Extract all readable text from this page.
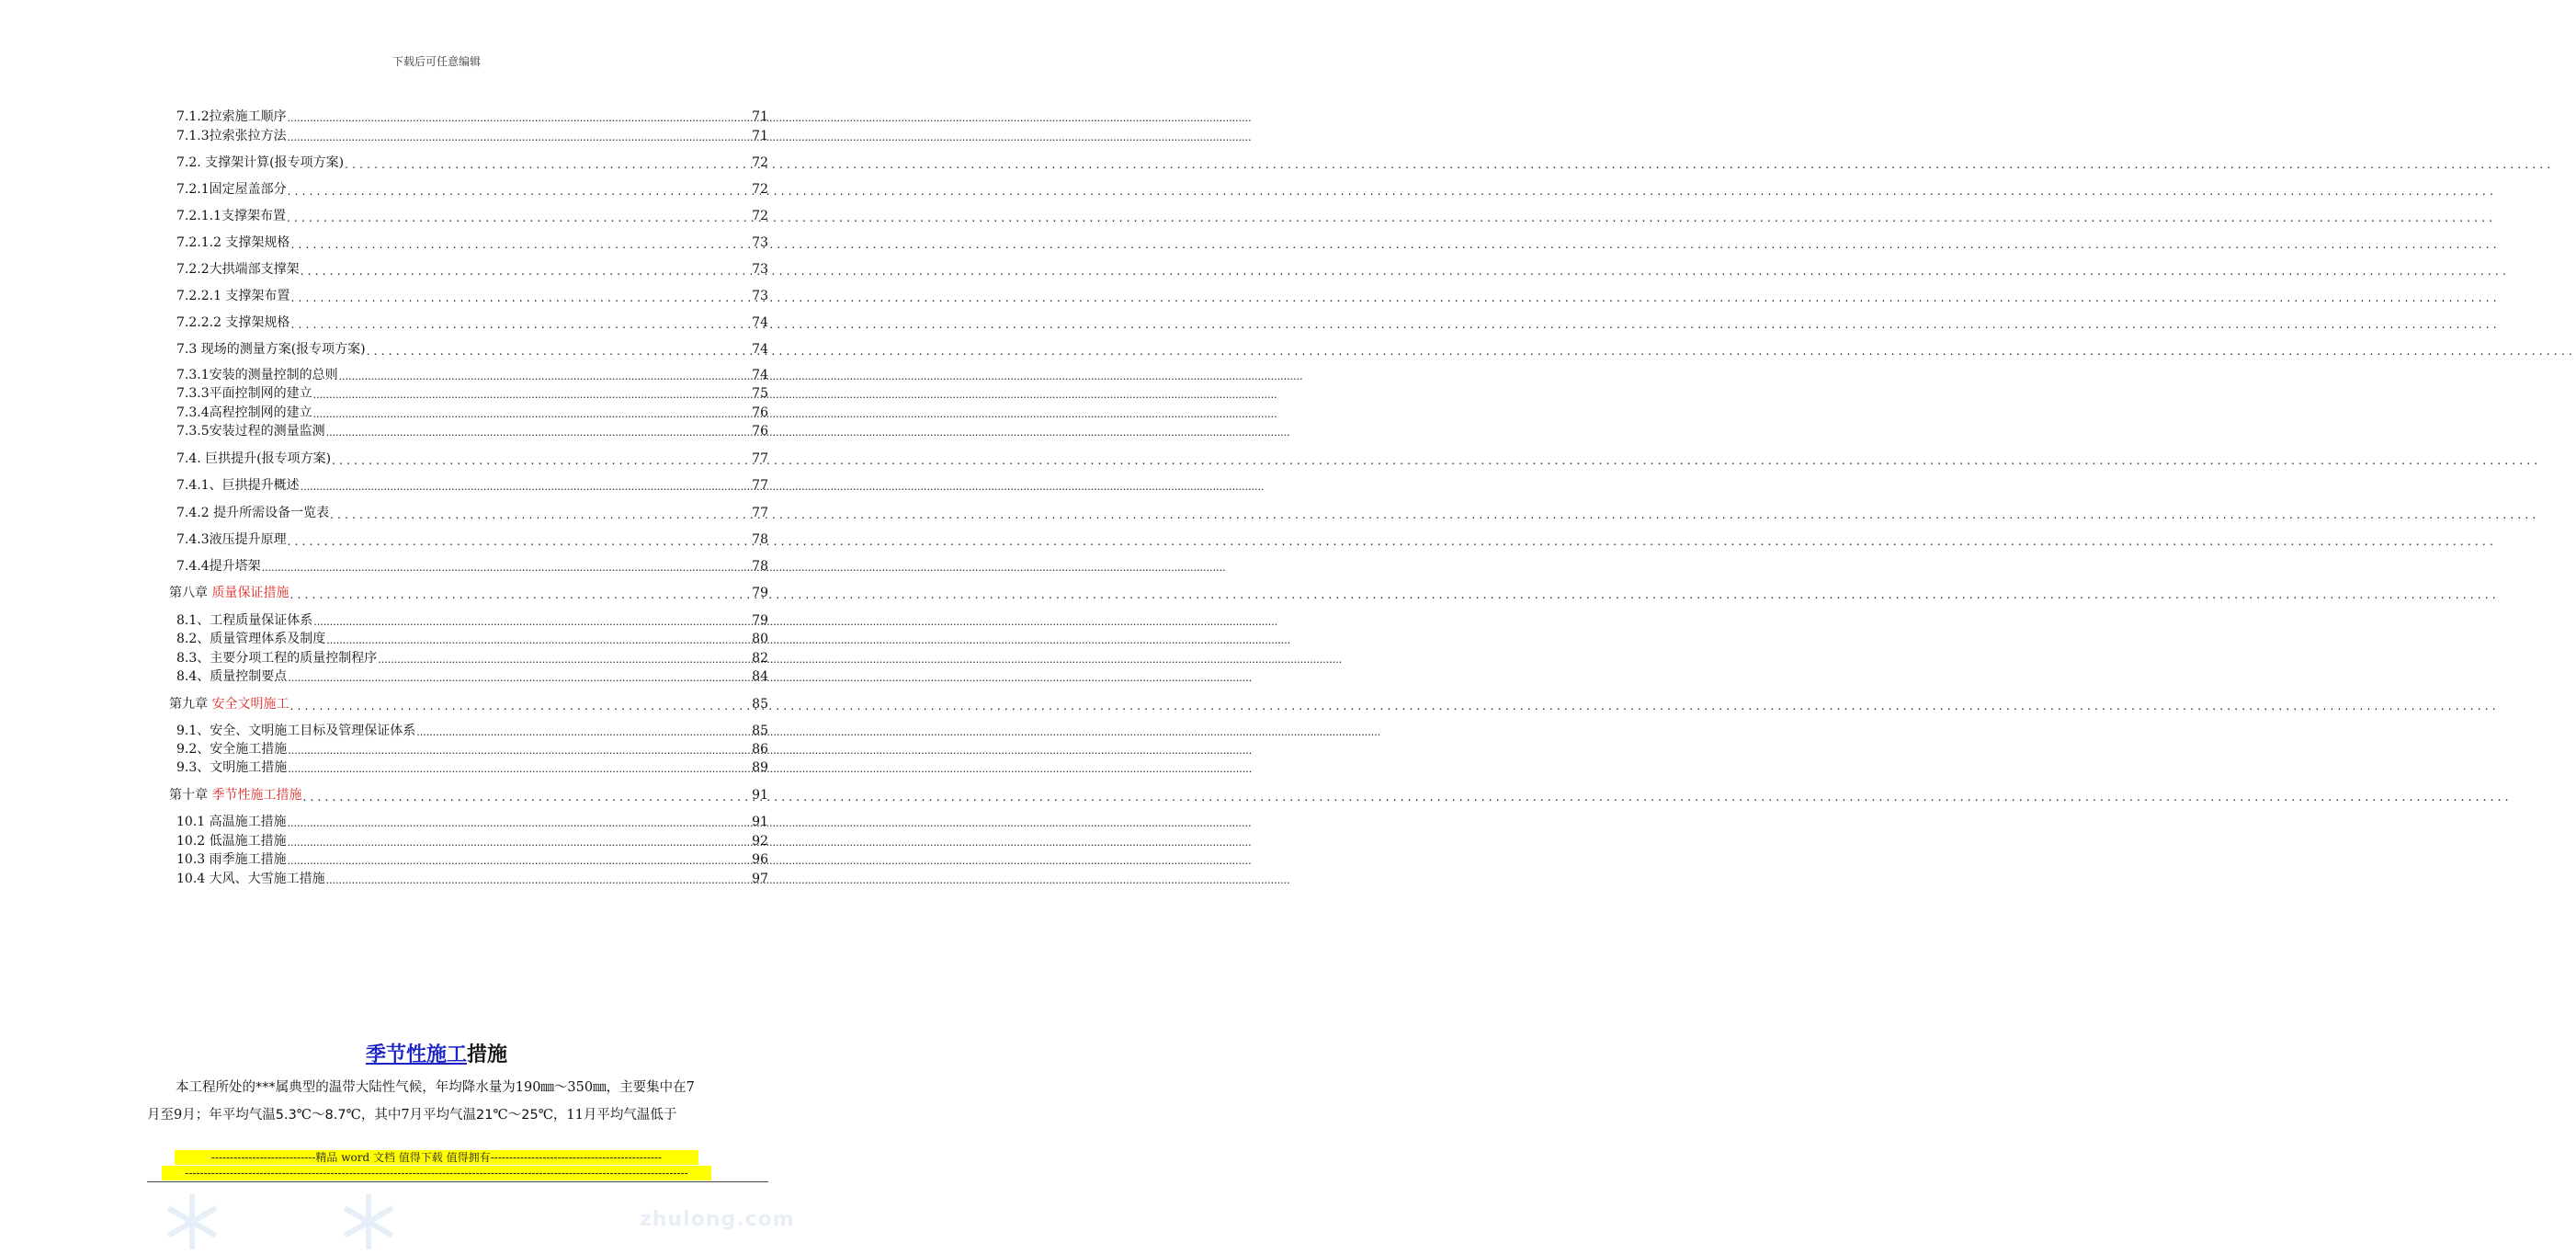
下载后可任意编辑
7.1.2拉索施工顺序 .....	71
7.1.3拉索张拉方法 .....	71
7.2. 支撑架计算(报专项方案) .....	72
7.2.1固定屋盖部分 .....	72
7.2.1.1支撑架布置 .....	72
7.2.1.2 支撑架规格 .....	73
7.2.2大拱端部支撑架 .....	73
7.2.2.1 支撑架布置 .....	73
7.2.2.2 支撑架规格 .....	74
7.3 现场的测量方案(报专项方案) .....	74
7.3.1安装的测量控制的总则 .....	74
7.3.3平面控制网的建立 .....	75
7.3.4高程控制网的建立 .....	76
7.3.5安装过程的测量监测 .....	76
7.4. 巨拱提升(报专项方案) .....	77
7.4.1、巨拱提升概述 .....	77
7.4.2 提升所需设备一览表 .....	77
7.4.3液压提升原理 .....	78
7.4.4提升塔架 .....	78
第八章 质量保证措施 .....	79
8.1、工程质量保证体系 .....	79
8.2、质量管理体系及制度 .....	80
8.3、主要分项工程的质量控制程序 .....	82
8.4、质量控制要点 .....	84
第九章 安全文明施工 .....	85
9.1、安全、文明施工目标及管理保证体系 .....	85
9.2、安全施工措施 .....	86
9.3、文明施工措施 .....	89
第十章 季节性施工措施 .....	91
10.1 高温施工措施 .....	91
10.2 低温施工措施 .....	92
10.3 雨季施工措施 .....	96
10.4 大风、大雪施工措施 .....	97
季节性施工措施
本工程所处的***属典型的温带大陆性气候，年均降水量为190㎜～350㎜，主要集中在7
月至9月；年平均气温5.3℃～8.7℃，其中7月平均气温21℃～25℃，11月平均气温低于
----------------------------精品 word 文档 值得下载 值得拥有----------------------------------------------
---------------------------------------------------------------------------------------------------------------------------------------
zhulong.com
